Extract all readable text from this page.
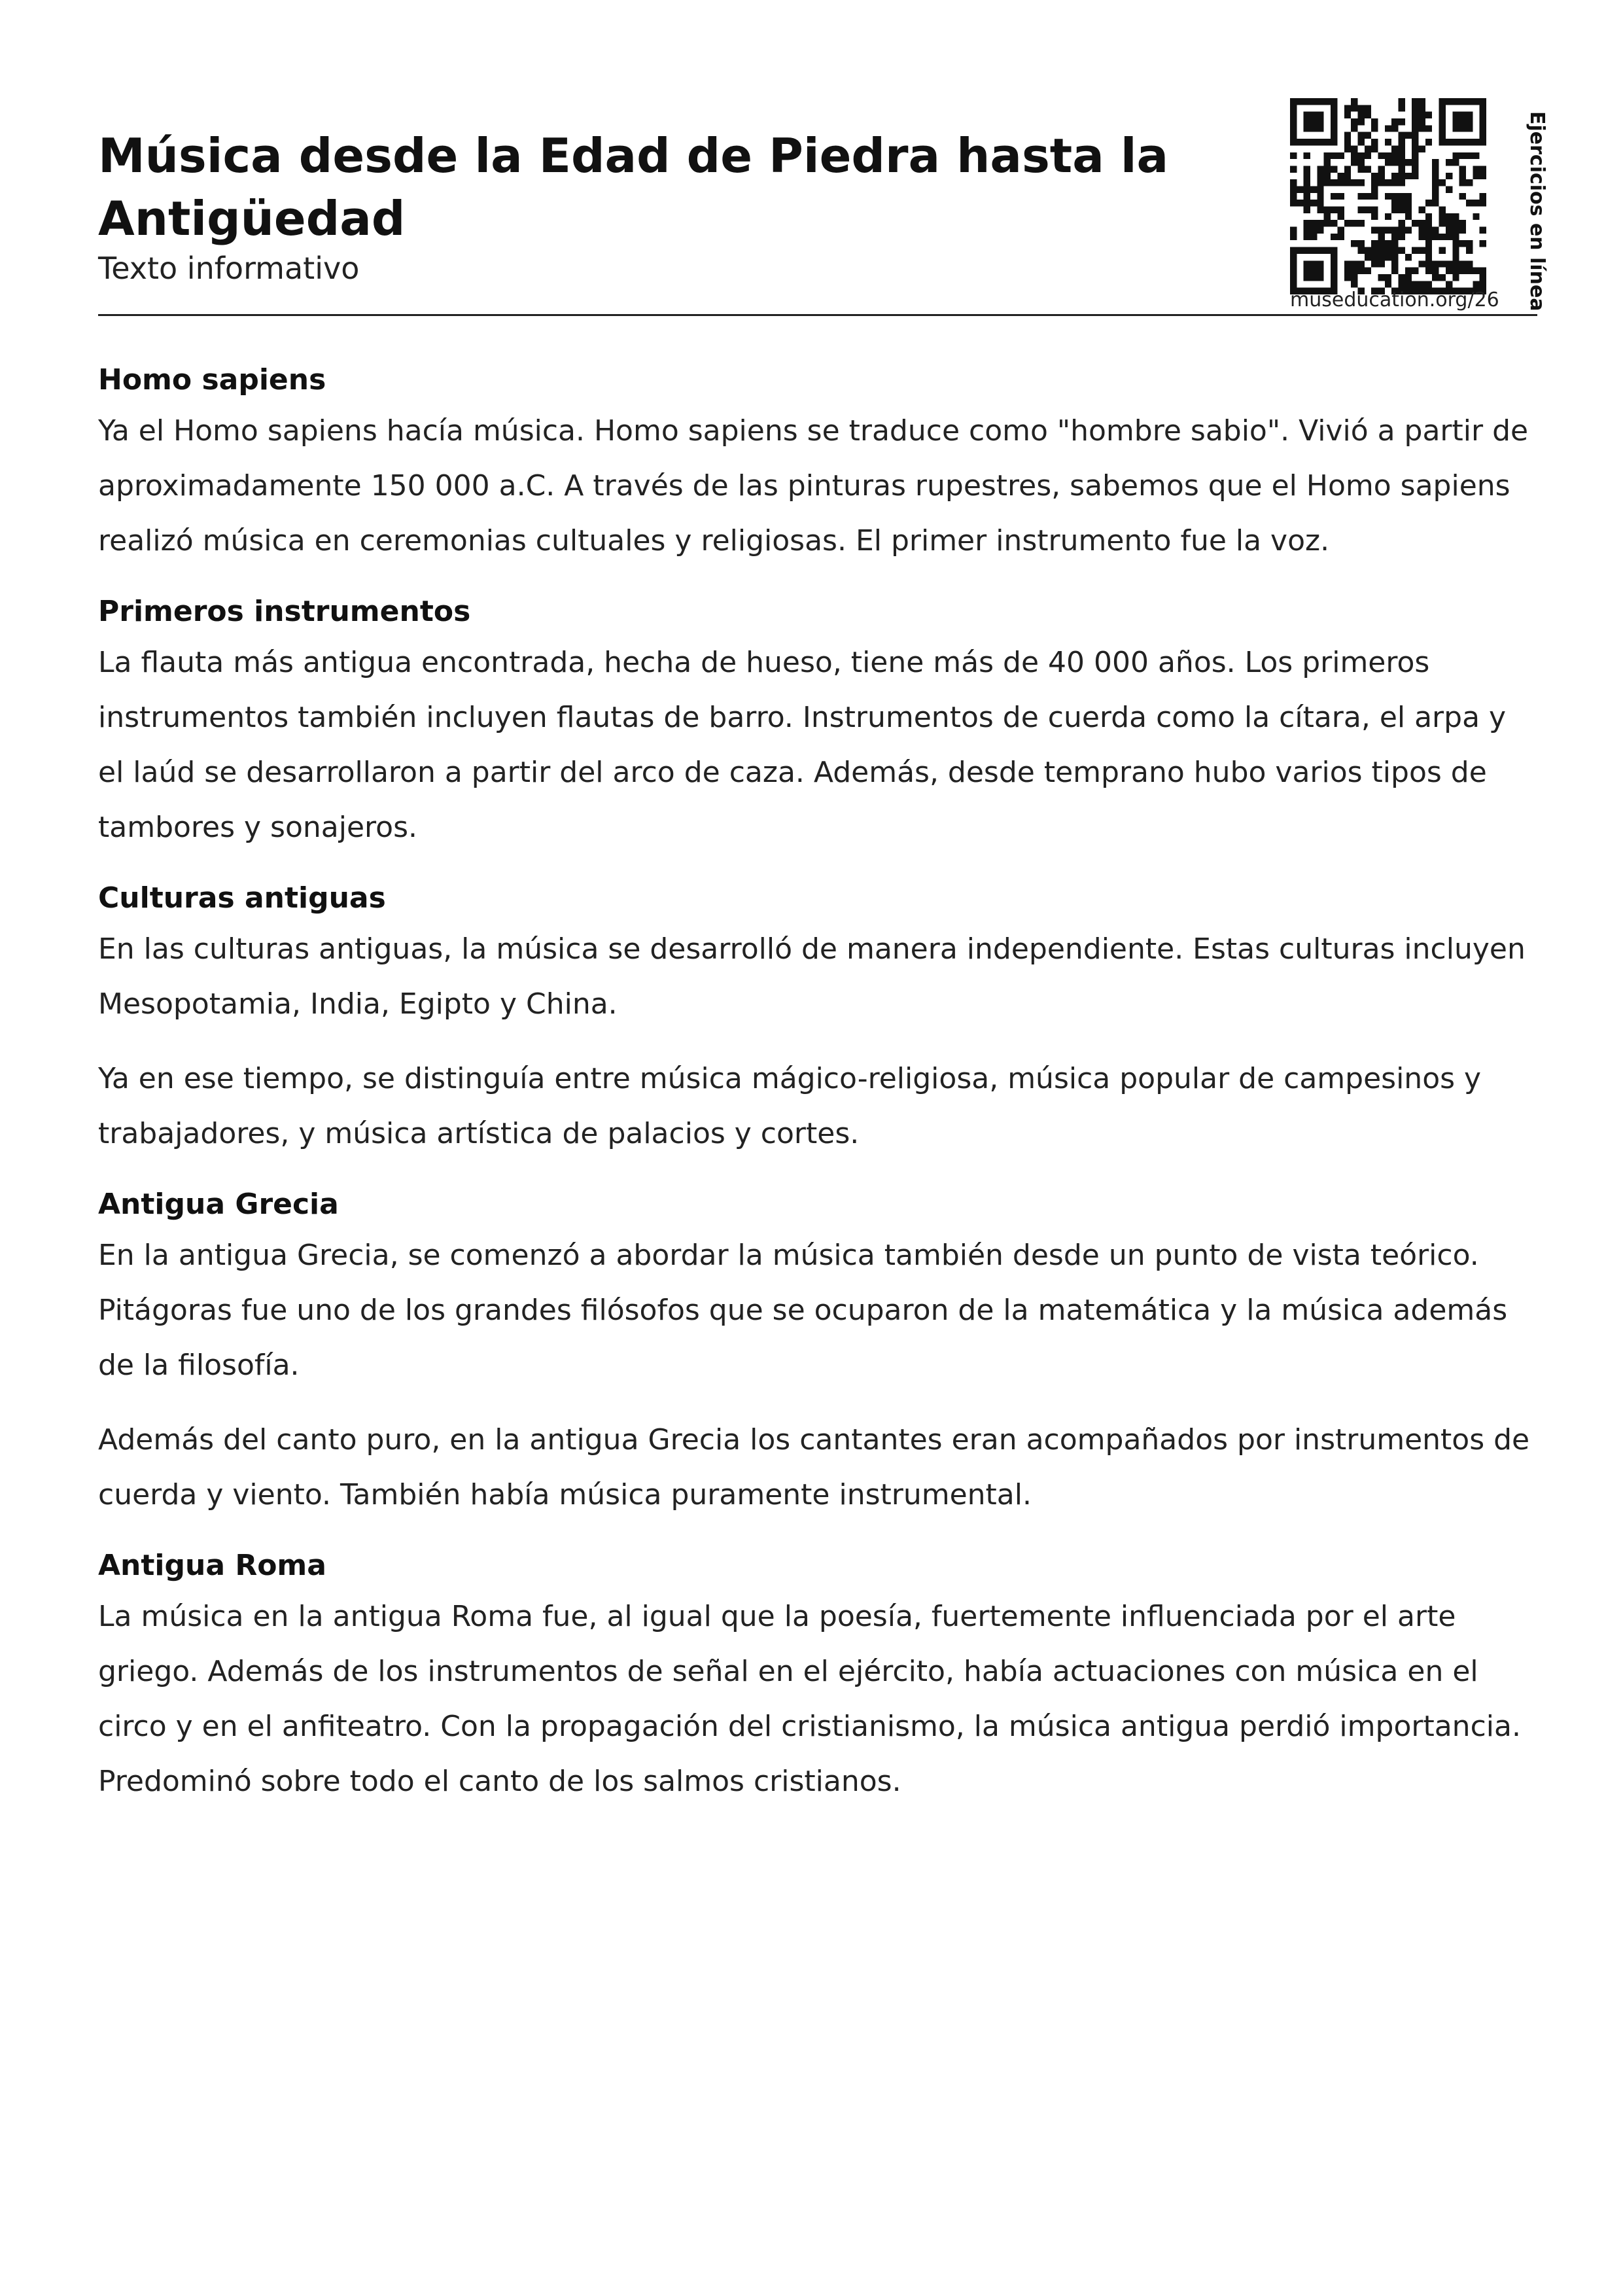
Música desde la Edad de Piedra hasta la Antigüedad

Texto informativo

museducation.org/26	Ejercicios en línea
Homo sapiens

Ya el Homo sapiens hacía música. Homo sapiens se traduce como "hombre sabio". Vivió a partir de aproximadamente 150 000 a.C. A través de las pinturas rupestres, sabemos que el Homo sapiens realizó música en ceremonias cultuales y religiosas. El primer instrumento fue la voz.

Primeros instrumentos

La flauta más antigua encontrada, hecha de hueso, tiene más de 40 000 años. Los primeros instrumentos también incluyen flautas de barro. Instrumentos de cuerda como la cítara, el arpa y el laúd se desarrollaron a partir del arco de caza. Además, desde temprano hubo varios tipos de tambores y sonajeros.

Culturas antiguas

En las culturas antiguas, la música se desarrolló de manera independiente. Estas culturas incluyen Mesopotamia, India, Egipto y China.

Ya en ese tiempo, se distinguía entre música mágico-religiosa, música popular de campesinos y trabajadores, y música artística de palacios y cortes.

Antigua Grecia

En la antigua Grecia, se comenzó a abordar la música también desde un punto de vista teórico. Pitágoras fue uno de los grandes filósofos que se ocuparon de la matemática y la música además de la filosofía.

Además del canto puro, en la antigua Grecia los cantantes eran acompañados por instrumentos de cuerda y viento. También había música puramente instrumental.

Antigua Roma

La música en la antigua Roma fue, al igual que la poesía, fuertemente influenciada por el arte griego. Además de los instrumentos de señal en el ejército, había actuaciones con música en el circo y en el anfiteatro. Con la propagación del cristianismo, la música antigua perdió importancia. Predominó sobre todo el canto de los salmos cristianos.
